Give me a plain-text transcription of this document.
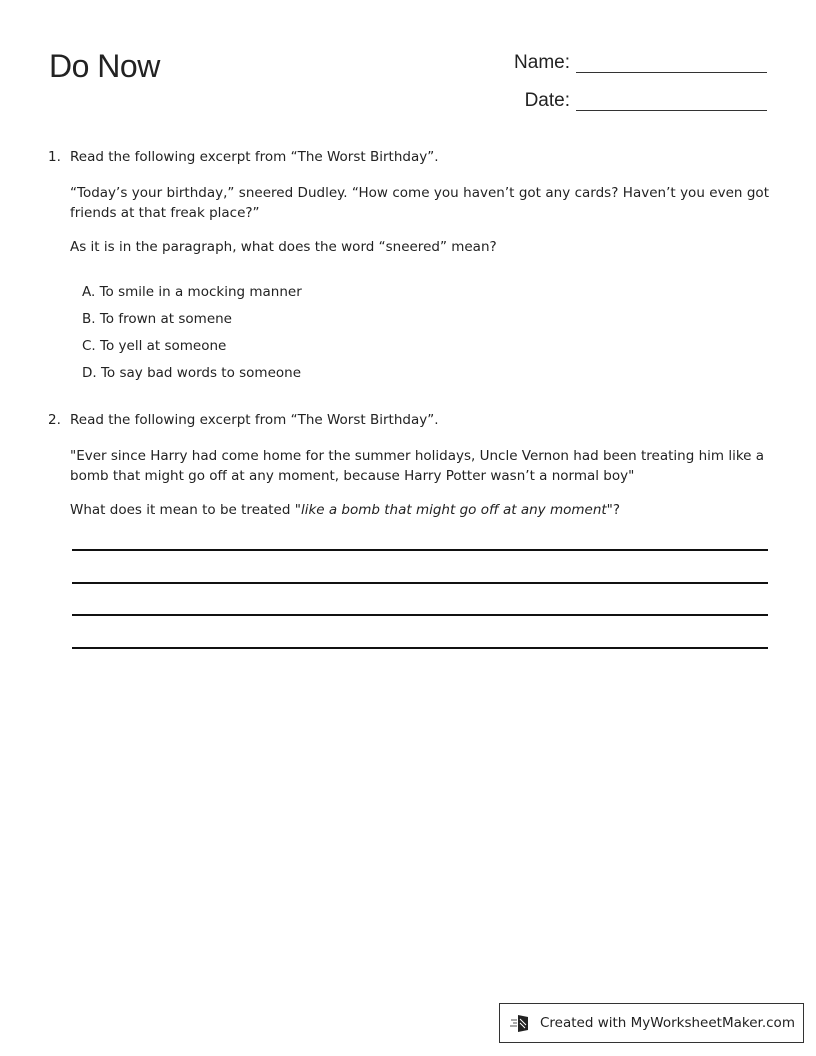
Do Now	Name:
Date:
1. Read the following excerpt from “The Worst Birthday”.

“Today’s your birthday,” sneered Dudley. “How come you haven’t got any cards? Haven’t you even got friends at that freak place?”

As it is in the paragraph, what does the word “sneered” mean?

A. To smile in a mocking manner
B. To frown at somene
C. To yell at someone
D. To say bad words to someone
2. Read the following excerpt from “The Worst Birthday”.

"Ever since Harry had come home for the summer holidays, Uncle Vernon had been treating him like a bomb that might go off at any moment, because Harry Potter wasn’t a normal boy"

What does it mean to be treated "like a bomb that might go off at any moment"?

Created with MyWorksheetMaker.com
